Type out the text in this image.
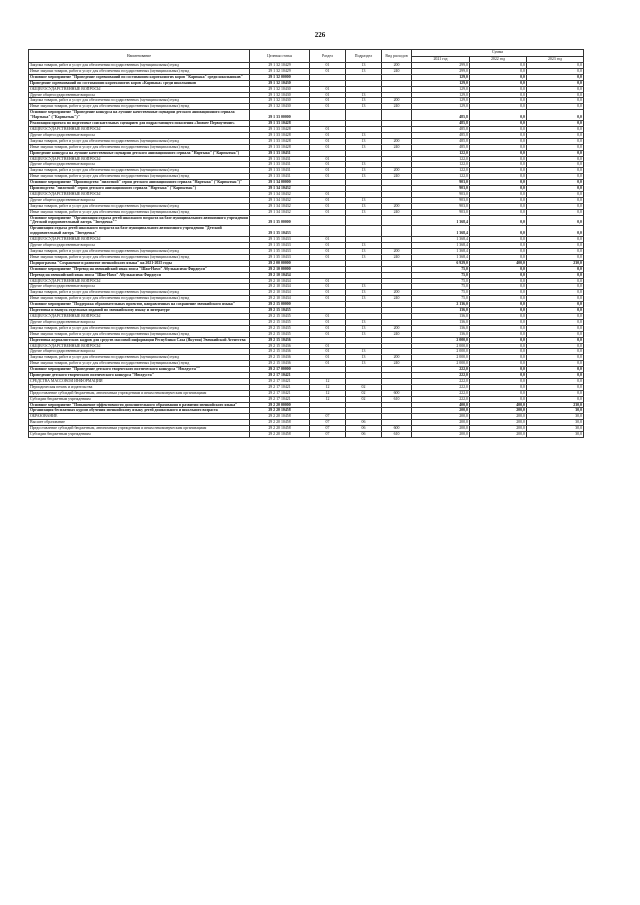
226
Наименование	Целевая статья	Раздел	Подраздел	Вид расходов	Сумма		
					2021 год	2022 год	2023 год
Закупка товаров, работ и услуг для обеспечения государственных (муниципальных) нужд	29 1 32 10429	01	13	200	299,0	0,0	0,0
Иные закупки товаров, работ и услуг для обеспечения государственных (муниципальных) нужд	29 1 32 10429	01	13	240	299,0	0,0	0,0
Основное мероприятие "Проведение соревнований по состязаниям коротконогих коров "Карпыка" среди школьников"	29 1 32 00000				129,0	0,0	0,0
Проведение соревнований по состязаниям коротконогих коров «Карпыка» среди школьников	29 1 32 10430				129,0	0,0	0,0
ОБЩЕГОСУДАРСТВЕННЫЕ ВОПРОСЫ	29 1 32 10430	01			129,0	0,0	0,0
Другие общегосударственные вопросы	29 1 32 10430	01	13		129,0	0,0	0,0
Закупка товаров, работ и услуг для обеспечения государственных (муниципальных) нужд	29 1 32 10430	01	13	200	129,0	0,0	0,0
Иные закупки товаров, работ и услуг для обеспечения государственных (муниципальных) нужд	29 1 32 10430	01	13	240	129,0	0,0	0,0
Основное мероприятие "Проведение конкурса на лучшие качественные сценарии детского анимационного сериала "Нартыка" ("Карпытык")"	29 1 33 00000				485,8	0,0	0,0
Реализация проекта по подготовке соискательных сценариев для подрастающего поколения «Зимнее Первоучение»	29 1 33 10428				485,8	0,0	0,0
ОБЩЕГОСУДАРСТВЕННЫЕ ВОПРОСЫ	29 1 33 10428	01			485,8	0,0	0,0
Другие общегосударственные вопросы	29 1 33 10428	01	13		485,8	0,0	0,0
Закупка товаров, работ и услуг для обеспечения государственных (муниципальных) нужд	29 1 33 10428	01	13	200	485,8	0,0	0,0
Иные закупки товаров, работ и услуг для обеспечения государственных (муниципальных) нужд	29 1 33 10428	01	13	240	485,8	0,0	0,0
Проведение конкурса на лучшие качественные сценарии детского анимационного сериала "Нартыка" ("Карпытык")	29 1 33 10431				122,0	0,0	0,0
ОБЩЕГОСУДАРСТВЕННЫЕ ВОПРОСЫ	29 1 33 10431	01			122,0	0,0	0,0
Другие общегосударственные вопросы	29 1 33 10431	01	13		122,0	0,0	0,0
Закупка товаров, работ и услуг для обеспечения государственных (муниципальных) нужд	29 1 33 10431	01	13	200	122,0	0,0	0,0
Иные закупки товаров, работ и услуг для обеспечения государственных (муниципальных) нужд	29 1 33 10431	01	13	240	122,0	0,0	0,0
Основное мероприятие "Производство "пилотной" серии детского анимационного сериала "Нартыка" ("Карпытык")"	29 1 34 00000				903,0	0,0	0,0
Производство "пилотной" серии детского анимационного сериала "Нартыка" ("Карпытык")	29 1 34 10432				903,0	0,0	0,0
ОБЩЕГОСУДАРСТВЕННЫЕ ВОПРОСЫ	29 1 34 10432	01			903,0	0,0	0,0
Другие общегосударственные вопросы	29 1 34 10432	01	13		903,0	0,0	0,0
Закупка товаров, работ и услуг для обеспечения государственных (муниципальных) нужд	29 1 34 10432	01	13	200	903,0	0,0	0,0
Иные закупки товаров, работ и услуг для обеспечения государственных (муниципальных) нужд	29 1 34 10432	01	13	240	903,0	0,0	0,0
Основное мероприятие "Организация отдыха детей школьного возраста на базе муниципального автономного учреждения "Детский оздоровительный лагерь "Звездочка""	29 1 35 00000				1 368,4	0,0	0,0
Организация отдыха детей школьного возраста на базе муниципального автономного учреждения "Детский оздоровительный лагерь "Звездочка"	29 1 35 10433				1 368,4	0,0	0,0
ОБЩЕГОСУДАРСТВЕННЫЕ ВОПРОСЫ	29 1 35 10433	01			1 368,4	0,0	0,0
Другие общегосударственные вопросы	29 1 35 10433	01	13		1 368,4	0,0	0,0
Закупка товаров, работ и услуг для обеспечения государственных (муниципальных) нужд	29 1 35 10433	01	13	200	1 368,4	0,0	0,0
Иные закупки товаров, работ и услуг для обеспечения государственных (муниципальных) нужд	29 1 35 10433	01	13	240	1 368,4	0,0	0,0
Подпрограмма "Сохранение и развитие эвенкийского языка" на 2021-2025 годы	29 2 00 00000				6 929,0	400,0	230,0
Основное мероприятие "Перевод на эвенкийский язык эпоса "Шан-Намэ" Абулькасима Фирдоуси"	29 2 10 00000				75,0	0,0	0,0
Перевод на эвенкийский язык эпоса "Шан-Намэ" Абулькасима Фирдоуси	29 2 10 10434				75,0	0,0	0,0
ОБЩЕГОСУДАРСТВЕННЫЕ ВОПРОСЫ	29 2 10 10434	01			75,0	0,0	0,0
Другие общегосударственные вопросы	29 2 10 10434	01	13		75,0	0,0	0,0
Закупка товаров, работ и услуг для обеспечения государственных (муниципальных) нужд	29 2 10 10434	01	13	200	75,0	0,0	0,0
Иные закупки товаров, работ и услуг для обеспечения государственных (муниципальных) нужд	29 2 10 10434	01	13	240	75,0	0,0	0,0
Основное мероприятие "Поддержка образовательных проектов, направленных на сохранение эвенкийского языка"	29 2 15 00000				2 136,0	0,0	0,0
Подготовка и выпуск отдельных изданий по эвенкийскому языку и литературе	29 2 15 10435				136,0	0,0	0,0
ОБЩЕГОСУДАРСТВЕННЫЕ ВОПРОСЫ	29 2 15 10435	01			136,0	0,0	0,0
Другие общегосударственные вопросы	29 2 15 10435	01	13		136,0	0,0	0,0
Закупка товаров, работ и услуг для обеспечения государственных (муниципальных) нужд	29 2 15 10435	01	13	200	136,0	0,0	0,0
Иные закупки товаров, работ и услуг для обеспечения государственных (муниципальных) нужд	29 2 15 10435	01	13	240	136,0	0,0	0,0
Подготовка журналистских кадров для средств массовой информации Республики Саха (Якутия) Эвенкийской Агентства	29 2 15 10436				2 000,0	0,0	0,0
ОБЩЕГОСУДАРСТВЕННЫЕ ВОПРОСЫ	29 2 15 10436	01			2 000,0	0,0	0,0
Другие общегосударственные вопросы	29 2 15 10436	01	13		2 000,0	0,0	0,0
Закупка товаров, работ и услуг для обеспечения государственных (муниципальных) нужд	29 2 15 10436	01	13	200	2 000,0	0,0	0,0
Иные закупки товаров, работ и услуг для обеспечения государственных (муниципальных) нужд	29 2 15 10436	01	13	240	2 000,0	0,0	0,0
Основное мероприятие "Проведение детского творческого поэтического конкурса "Нюлдуста""	29 2 17 00000				222,0	0,0	0,0
Проведение детского творческого поэтического конкурса "Нюлдуста"	29 2 17 10421				222,0	0,0	0,0
СРЕДСТВА МАССОВОЙ ИНФОРМАЦИИ	29 2 17 10421	12			222,0	0,0	0,0
Периодическая печать и издательства	29 2 17 10421	12	02		222,0	0,0	0,0
Предоставление субсидий бюджетным, автономным учреждениям и иным некоммерческим организациям	29 2 17 10421	12	02	600	222,0	0,0	0,0
Субсидии бюджетным учреждениям	29 2 17 10421	12	02	610	222,0	0,0	0,0
Основное мероприятие "Повышение эффективности дополнительного образования в развитии эвенкийского языка"	29 2 20 00000				400,0	400,0	230,0
Организация бесплатных курсов обучения эвенкийскому языку детей дошкольного и школьного возраста	29 2 20 10458				200,0	200,0	30,0
ОБРАЗОВАНИЕ	29 2 20 10458	07			200,0	200,0	30,0
Высшее образование	29 2 20 10458	07	06		200,0	200,0	30,0
Предоставление субсидий бюджетным, автономным учреждениям и иным некоммерческим организациям	29 2 20 10458	07	06	600	200,0	200,0	30,0
Субсидии бюджетным учреждениям	29 2 20 10458	07	06	610	200,0	200,0	30,0
